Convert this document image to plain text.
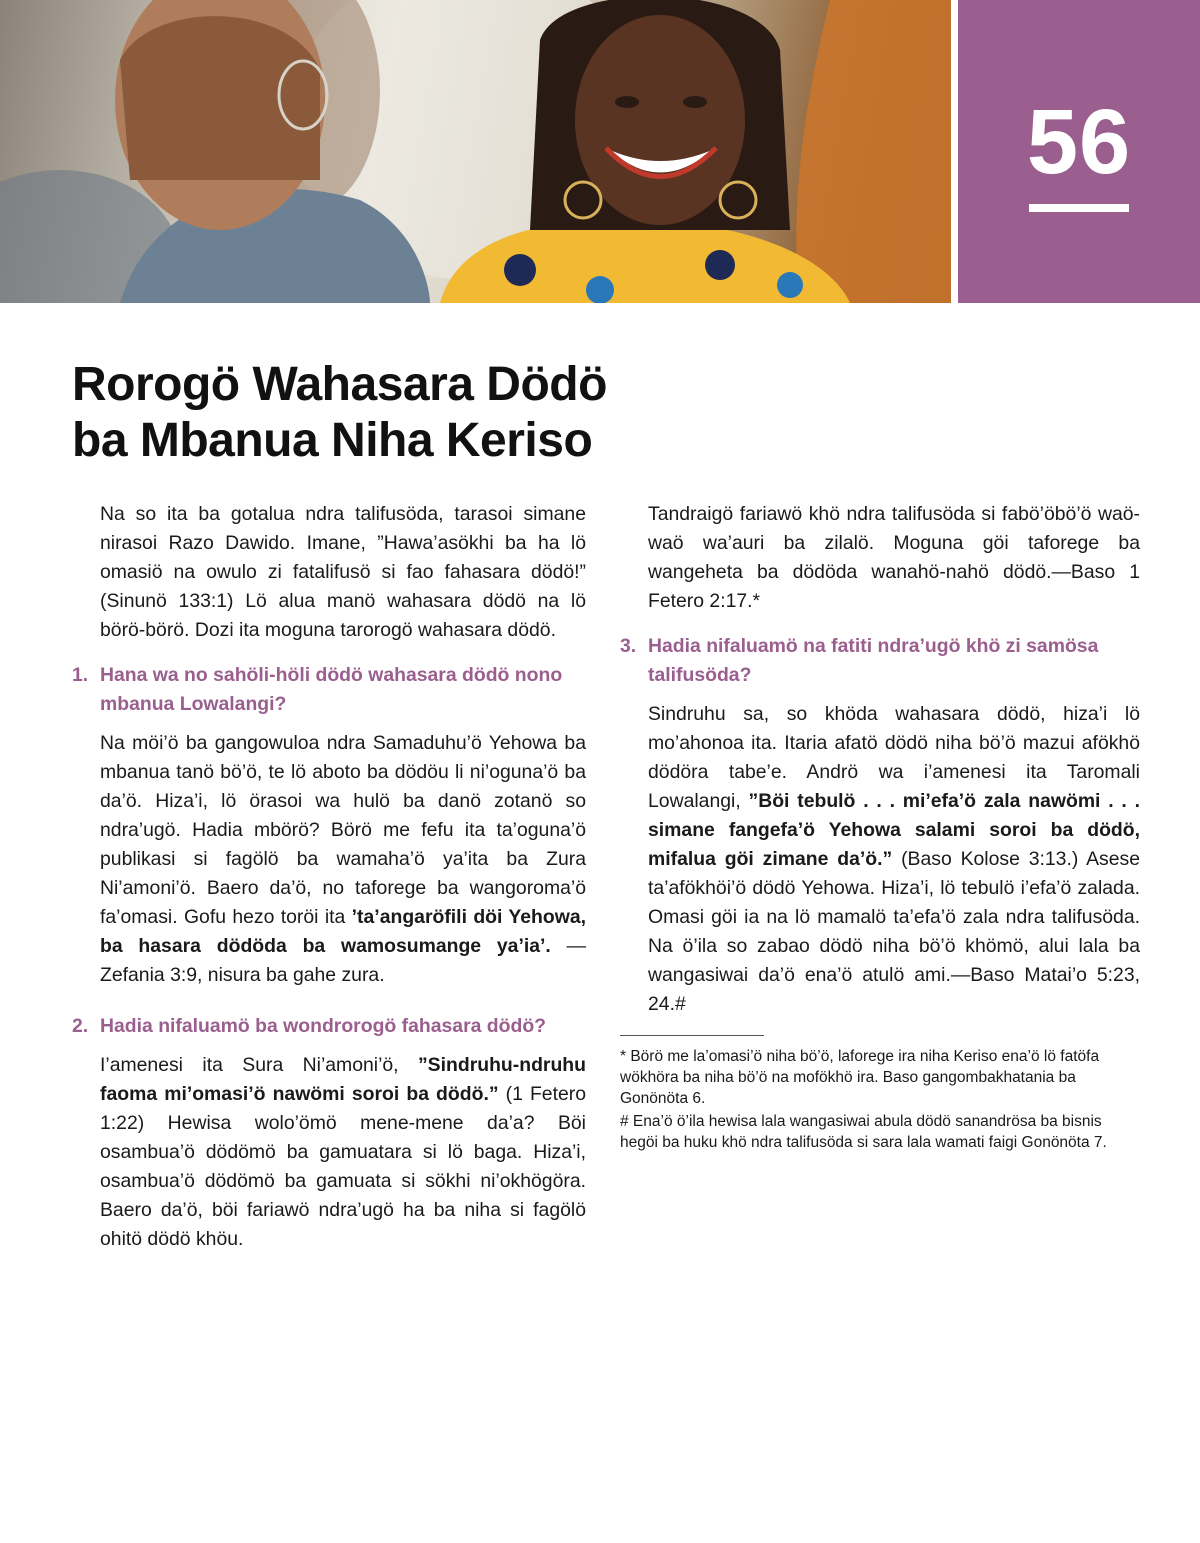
56
Rorogö Wahasara Dödö
ba Mbanua Niha Keriso

Na so ita ba gotalua ndra talifusöda, tarasoi simane nirasoi Razo Dawido. Imane, ”Hawa’asökhi ba ha lö omasiö na owulo zi fatalifusö si fao fahasara dödö!” (Sinunö 133:1) Lö alua manö wahasara dödö na lö börö-börö. Dozi ita moguna tarorogö wahasara dödö.

1. Hana wa no sahöli-höli dödö wahasara dödö nono mbanua Lowalangi?

Na möi’ö ba gangowuloa ndra Samaduhu’ö Yehowa ba mbanua tanö bö’ö, te lö aboto ba dödöu li ni’oguna’ö ba da’ö. Hiza’i, lö örasoi wa hulö ba danö zotanö so ndra’ugö. Hadia mbörö? Börö me fefu ita ta’oguna’ö publikasi si fagölö ba wamaha’ö ya’ita ba Zura Ni’amoni’ö. Baero da’ö, no taforege ba wangoroma’ö fa’omasi. Gofu hezo toröi ita ’ta’angaröfili döi Yehowa, ba hasara dödöda ba wamosumange ya’ia’. —Zefania 3:9, nisura ba gahe zura.

2. Hadia nifaluamö ba wondrorogö fahasara dödö?

I’amenesi ita Sura Ni’amoni’ö, ”Sindruhu-ndruhu faoma mi’omasi’ö nawömi soroi ba dödö.” (1 Fetero 1:22) Hewisa wolo’ömö mene-mene da’a? Böi osambua’ö dödömö ba gamuatara si lö baga. Hiza’i, osambua’ö dödömö ba gamuata si sökhi ni’okhögöra. Baero da’ö, böi fariawö ndra’ugö ha ba niha si fagölö ohitö dödö khöu.

Tandraigö fariawö khö ndra talifusöda si fabö’öbö’ö waö-waö wa’auri ba zilalö. Moguna göi taforege ba wangeheta ba dödöda wanahö-nahö dödö.—Baso 1 Fetero 2:17.*

3. Hadia nifaluamö na fatiti ndra’ugö khö zi samösa talifusöda?

Sindruhu sa, so khöda wahasara dödö, hiza’i lö mo’ahonoa ita. Itaria afatö dödö niha bö’ö mazui afökhö dödöra tabe’e. Andrö wa i’amenesi ita Taromali Lowalangi, ”Böi tebulö . . . mi’efa’ö zala nawömi . . . simane fangefa’ö Yehowa salami soroi ba dödö, mifalua göi zimane da’ö.” (Baso Kolose 3:13.) Asese ta’afökhöi’ö dödö Yehowa. Hiza’i, lö tebulö i’efa’ö zalada. Omasi göi ia na lö mamalö ta’efa’ö zala ndra talifusöda. Na ö’ila so zabao dödö niha bö’ö khömö, alui lala ba wangasiwai da’ö ena’ö atulö ami.—Baso Matai’o 5:23, 24.#

* Börö me la’omasi’ö niha bö’ö, laforege ira niha Keriso ena’ö lö fatöfa wökhöra ba niha bö’ö na mofökhö ira. Baso gangombakhatania ba Gonönöta 6.

# Ena’ö ö’ila hewisa lala wangasiwai abula dödö sanandrösa ba bisnis hegöi ba huku khö ndra talifusöda si sara lala wamati faigi Gonönöta 7.
